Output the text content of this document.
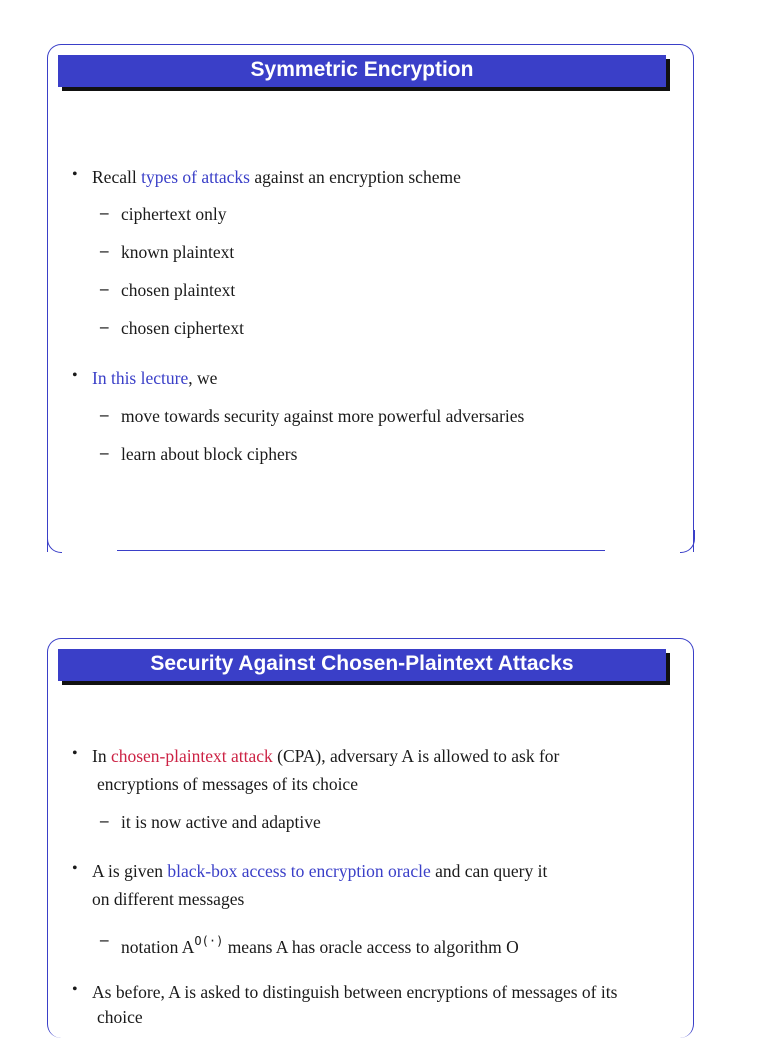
Symmetric Encryption
• Recall types of attacks against an encryption scheme
– ciphertext only
– known plaintext
– chosen plaintext
– chosen ciphertext
• In this lecture, we
– move towards security against more powerful adversaries
– learn about block ciphers
Security Against Chosen-Plaintext Attacks
• In chosen-plaintext attack (CPA), adversary A is allowed to ask for
encryptions of messages of its choice
– it is now active and adaptive
• A is given black-box access to encryption oracle and can query it
on different messages
– notation $A^{O(\cdot)}$ means A has oracle access to algorithm O
• As before, A is asked to distinguish between encryptions of messages of its
choice
